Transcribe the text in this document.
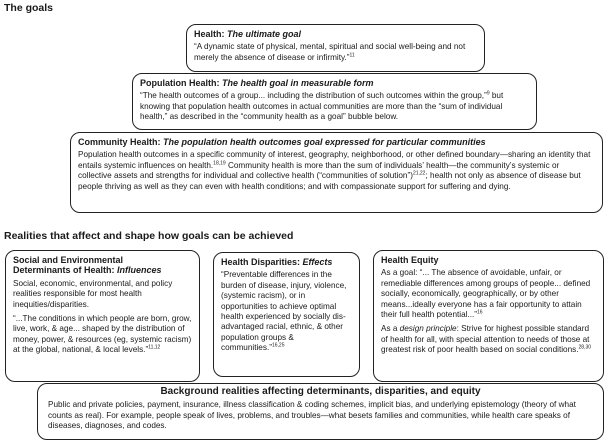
The goals
Health: The ultimate goal

“A dynamic state of physical, mental, spiritual and social well-being and not merely the absence of disease or infirmity.”$^{11}$

Population Health: The health goal in measurable form

“The health outcomes of a group... including the distribution of such outcomes within the group,”$^9$ but knowing that population health outcomes in actual communities are more than the “sum of individual health,” as described in the “community health as a goal” bubble below.

Community Health: The population health outcomes goal expressed for particular communities

Population health outcomes in a specific community of interest, geography, neighborhood, or other defined boundary—sharing an identity that entails systemic influences on health.$^{18,19}$ Community health is more than the sum of individuals’ health—the community’s systemic or collective assets and strengths for individual and collective health (“communities of solution”)$^{21,22}$; health not only as absence of disease but people thriving as well as they can even with health conditions; and with compassionate support for suffering and dying.

Realities that affect and shape how goals can be achieved
Social and Environmental
Determinants of Health: Influences

Social, economic, environmental, and policy realities responsible for most health inequities/disparities.

“...The conditions in which people are born, grow, live, work, & age... shaped by the distribution of money, power, & resources (eg, systemic racism) at the global, national, & local levels.”$^{11,12}$

Health Disparities: Effects

“Preventable differences in the burden of disease, injury, violence, (systemic racism), or in opportunities to achieve optimal health experienced by socially dis-advantaged racial, ethnic, & other population groups & communities.”$^{16,25}$

Health Equity

As a goal: “... The absence of avoidable, unfair, or remediable differences among groups of people... defined socially, economically, geographically, or by other means...ideally everyone has a fair opportunity to attain their full health potential...”$^{16}$

As a design principle: Strive for highest possible standard of health for all, with special attention to needs of those at greatest risk of poor health based on social conditions.$^{28,30}$

Background realities affecting determinants, disparities, and equity

Public and private policies, payment, insurance, illness classification & coding schemes, implicit bias, and underlying epistemology (theory of what counts as real). For example, people speak of lives, problems, and troubles—what besets families and communities, while health care speaks of diseases, diagnoses, and codes.
